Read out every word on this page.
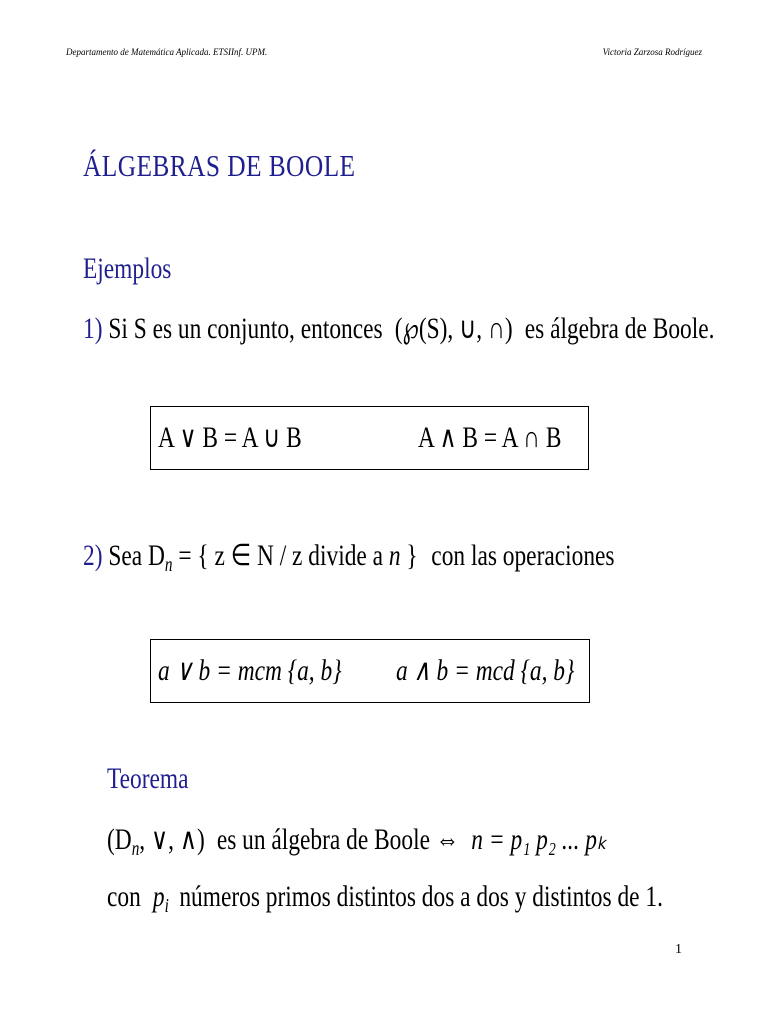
Departamento de Matemática Aplicada. ETSIInf. UPM.	Victoria Zarzosa Rodríguez
ÁLGEBRAS DE BOOLE
Ejemplos
1) Si S es un conjunto, entonces (℘(S), ∪, ∩) es álgebra de Boole.
A ∨ B = A ∪ B	A ∧ B = A ∩ B
2) Sea $D_n$ = { z ∈ N / z divide a n } con las operaciones
a ∨ b = mcm {a, b} a ∧ b = mcd {a, b}
Teorema
($D_n$, ∨, ∧) es un álgebra de Boole ⇔ n = p₁ p₂ ... pₖ
con $p_i$ números primos distintos dos a dos y distintos de 1.
1
